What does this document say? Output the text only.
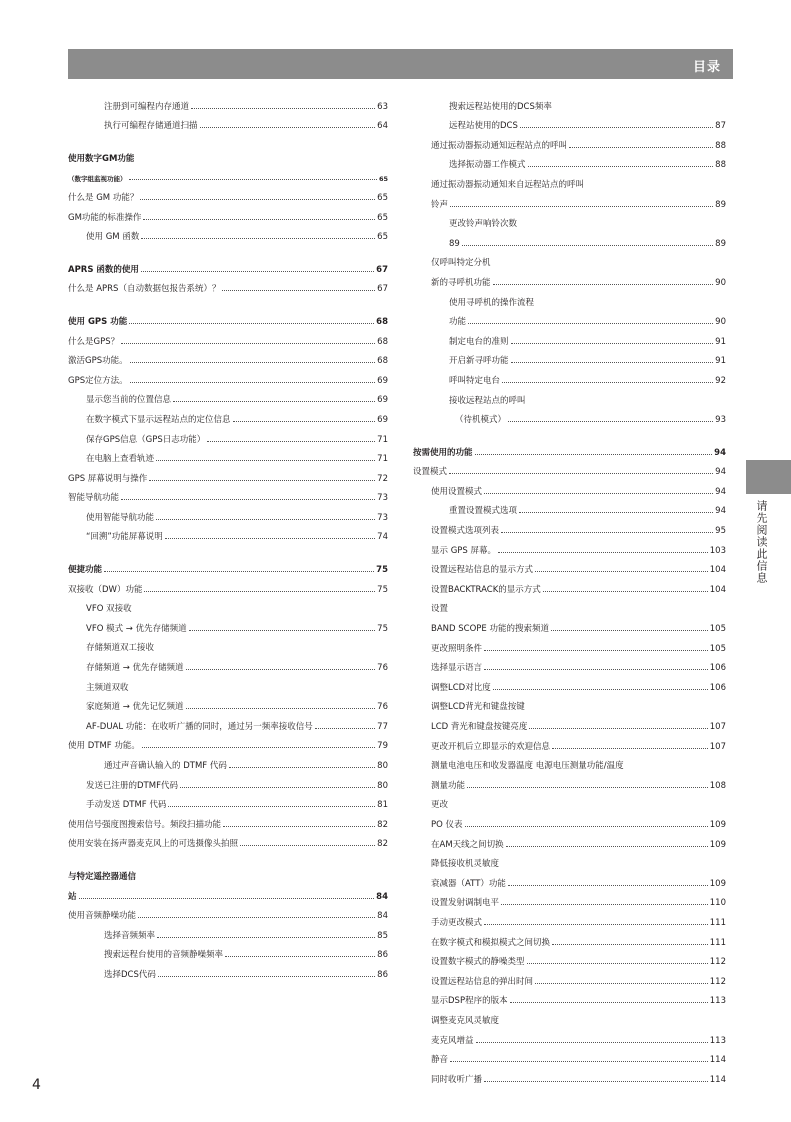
目录
注册到可编程内存通道	63
执行可编程存储通道扫描	64
使用数字GM功能
（数字组监视功能）	65
什么是 GM 功能？	65
GM功能的标准操作	65
使用 GM 函数	65
APRS 函数的使用	67
什么是 APRS（自动数据包报告系统）？	67
使用 GPS 功能	68
什么是GPS？	68
激活GPS功能。	68
GPS定位方法。	69
显示您当前的位置信息	69
在数字模式下显示远程站点的定位信息	69
保存GPS信息（GPS日志功能）	71
在电脑上查看轨迹	71
GPS 屏幕说明与操作	72
智能导航功能	73
使用智能导航功能	73
“回溯”功能屏幕说明	74
便捷功能	75
双接收（DW）功能	75
VFO 双接收
VFO 模式 → 优先存储频道	75
存储频道双工接收
存储频道 → 优先存储频道	76
主频道双收
家庭频道 → 优先记忆频道	76
AF-DUAL 功能：在收听广播的同时，通过另一频率接收信号	77
使用 DTMF 功能。	79
通过声音确认输入的 DTMF 代码	80
发送已注册的DTMF代码	80
手动发送 DTMF 代码	81
使用信号强度图搜索信号。频段扫描功能	82
使用安装在扬声器麦克风上的可选摄像头拍照	82
与特定遥控器通信
站	84
使用音频静噪功能	84
选择音频频率	85
搜索远程台使用的音频静噪频率	86
选择DCS代码	86
搜索远程站使用的DCS频率
远程站使用的DCS	87
通过振动器振动通知远程站点的呼叫	88
选择振动器工作模式	88
通过振动器振动通知来自远程站点的呼叫
铃声	89
更改铃声响铃次数
89	89
仅呼叫特定分机
新的寻呼机功能	90
使用寻呼机的操作流程
功能	90
制定电台的准则	91
开启新寻呼功能	91
呼叫特定电台	92
接收远程站点的呼叫
（待机模式）	93
按需使用的功能	94
设置模式	94
使用设置模式	94
重置设置模式选项	94
设置模式选项列表	95
显示 GPS 屏幕。	103
设置远程站信息的显示方式	104
设置BACKTRACK的显示方式	104
设置
BAND SCOPE 功能的搜索频道	105
更改照明条件	105
选择显示语言	106
调整LCD对比度	106
调整LCD背光和键盘按键
LCD 背光和键盘按键亮度	107
更改开机后立即显示的欢迎信息	107
测量电池电压和收发器温度 电源电压测量功能/温度
测量功能	108
更改
PO 仪表	109
在AM天线之间切换	109
降低接收机灵敏度
衰减器（ATT）功能	109
设置发射调制电平	110
手动更改模式	111
在数字模式和模拟模式之间切换	111
设置数字模式的静噪类型	112
设置远程站信息的弹出时间	112
显示DSP程序的版本	113
调整麦克风灵敏度
麦克风增益	113
静音	114
同时收听广播	114
请先阅读此信息
4
